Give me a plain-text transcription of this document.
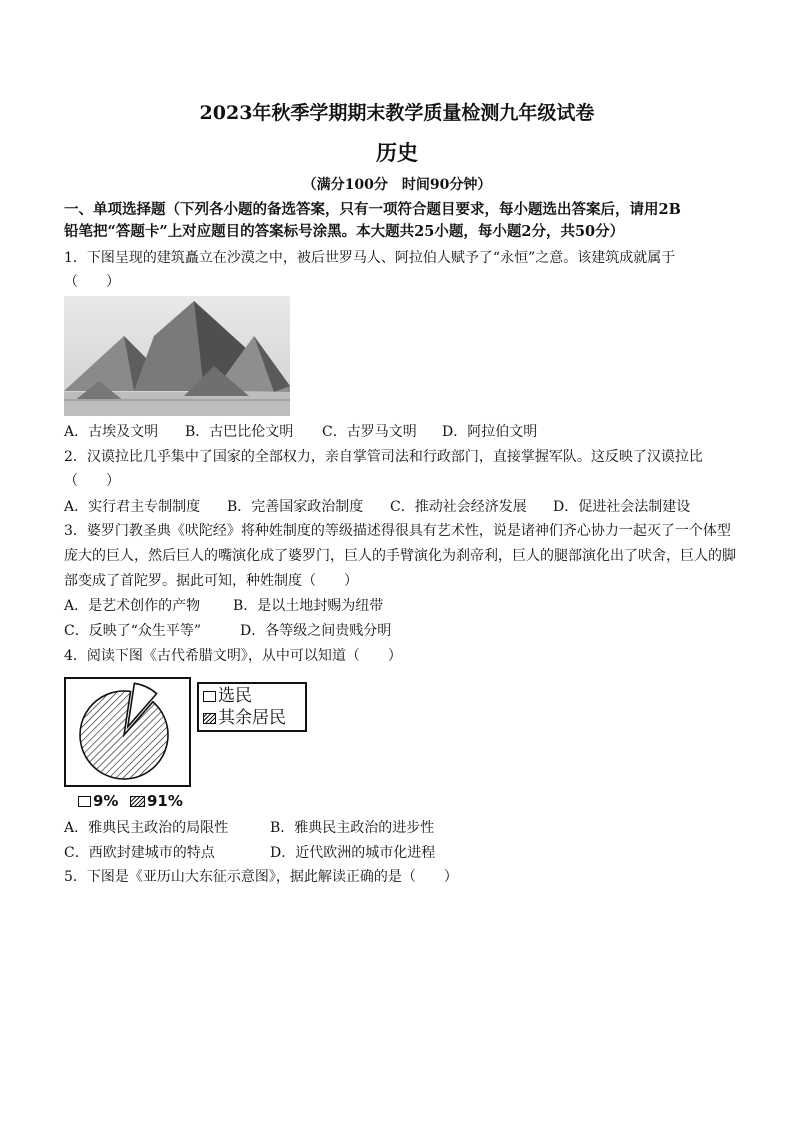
2023年秋季学期期末教学质量检测九年级试卷
历史
（满分100分　时间90分钟）
一、单项选择题（下列各小题的备选答案，只有一项符合题目要求，每小题选出答案后，请用2B
铅笔把“答题卡”上对应题目的答案标号涂黑。本大题共25小题，每小题2分，共50分）
1．下图呈现的建筑矗立在沙漠之中，被后世罗马人、阿拉伯人赋予了“永恒”之意。该建筑成就属于
（　　）
A．古埃及文明 B．古巴比伦文明 C．古罗马文明 D．阿拉伯文明
2．汉谟拉比几乎集中了国家的全部权力，亲自掌管司法和行政部门，直接掌握军队。这反映了汉谟拉比
（　　）
A．实行君主专制制度 B．完善国家政治制度 C．推动社会经济发展 D．促进社会法制建设
3．婆罗门教圣典《吠陀经》将种姓制度的等级描述得很具有艺术性，说是诸神们齐心协力一起灭了一个体型
庞大的巨人，然后巨人的嘴演化成了婆罗门，巨人的手臂演化为刹帝利，巨人的腿部演化出了吠舍，巨人的脚
部变成了首陀罗。据此可知，种姓制度（　　）
A．是艺术创作的产物 B．是以土地封赐为纽带
C．反映了“众生平等”	D．各等级之间贵贱分明
4．阅读下图《古代希腊文明》，从中可以知道（　　）
选民
其余居民
9%	91%
A．雅典民主政治的局限性	B．雅典民主政治的进步性
C．西欧封建城市的特点	D．近代欧洲的城市化进程
5．下图是《亚历山大东征示意图》，据此解读正确的是（　　）
